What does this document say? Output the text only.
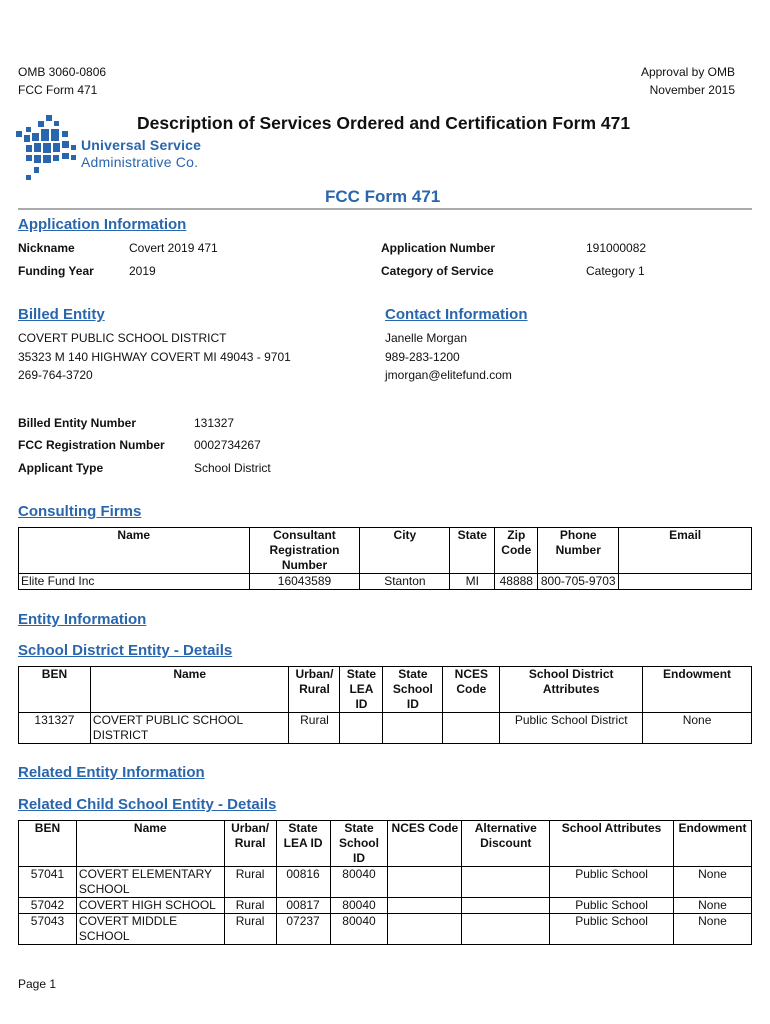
OMB 3060-0806
FCC Form 471
Approval by OMB
November 2015
Description of Services Ordered and Certification Form 471
Universal Service
Administrative Co.
FCC Form 471
Application Information
Nickname	Covert 2019 471
Funding Year	2019
Application Number	191000082
Category of Service	Category 1
Billed Entity
COVERT PUBLIC SCHOOL DISTRICT
35323 M 140 HIGHWAY COVERT MI 49043 - 9701
269-764-3720
Contact Information
Janelle Morgan
989-283-1200
jmorgan@elitefund.com
Billed Entity Number	131327
FCC Registration Number 0002734267
Applicant Type	School District
Consulting Firms
Name	Consultant Registration Number	City	State	Zip Code	Phone Number	Email
Elite Fund Inc	16043589	Stanton	MI	48888	800-705-9703	
Entity Information
School District Entity - Details
BEN	Name	Urban/ Rural	State LEA ID	State School ID	NCES Code	School District Attributes	Endowment
131327	COVERT PUBLIC SCHOOL DISTRICT	Rural				Public School District	None
Related Entity Information
Related Child School Entity - Details
BEN	Name	Urban/ Rural	State LEA ID	State School ID	NCES Code	Alternative Discount	School Attributes	Endowment
57041	COVERT ELEMENTARY SCHOOL	Rural	00816	80040			Public School	None
57042	COVERT HIGH SCHOOL	Rural	00817	80040			Public School	None
57043	COVERT MIDDLE SCHOOL	Rural	07237	80040			Public School	None
Page 1
